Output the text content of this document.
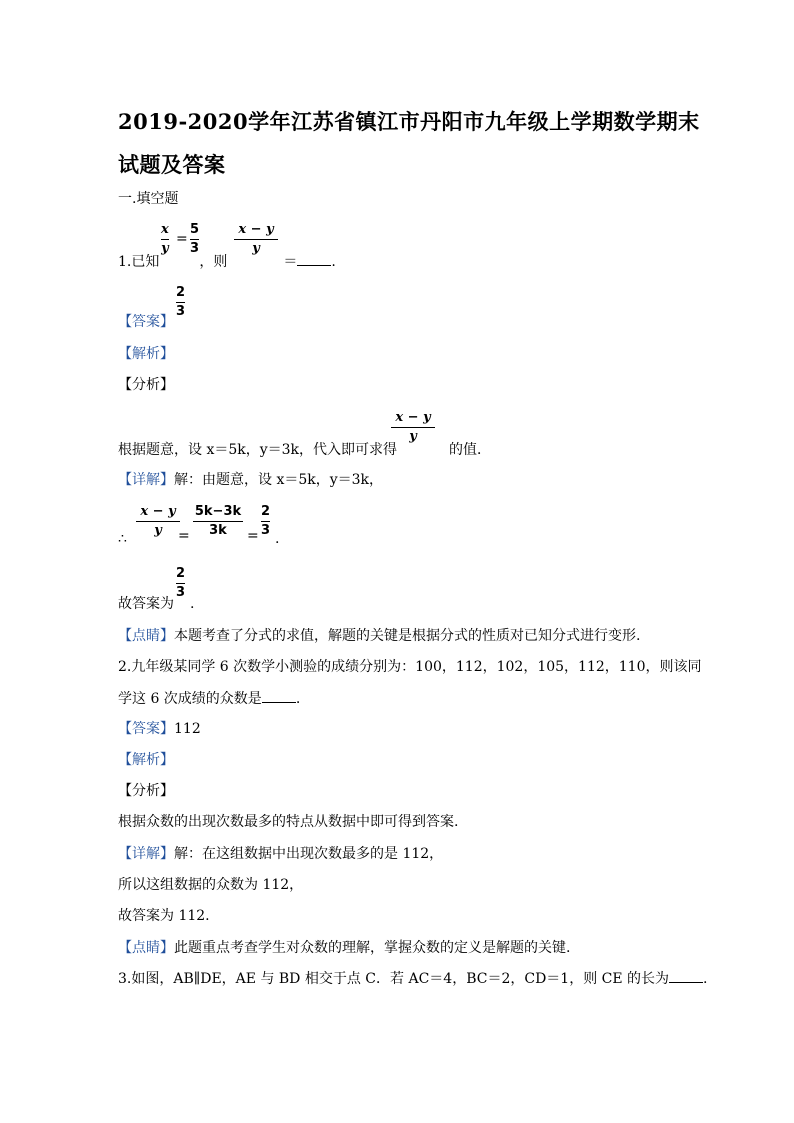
2019-2020学年江苏省镇江市丹阳市九年级上学期数学期末
试题及答案
一.填空题
x
y
=
5
3
x − y
y
1.已知	，则	＝ .
2
3
【答案】
【解析】
【分析】
x − y
y
根据题意，设 x＝5k，y＝3k，代入即可求得	的值．
【详解】解：由题意，设 x＝5k，y＝3k，
x − y
y
∴	=
5k−3k
3k	=
2
3
.
2
3
故答案为 .
【点睛】本题考查了分式的求值，解题的关键是根据分式的性质对已知分式进行变形.
2.九年级某同学 6 次数学小测验的成绩分别为：100，112，102，105，112，110，则该同
学这 6 次成绩的众数是 .
【答案】112
【解析】
【分析】
根据众数的出现次数最多的特点从数据中即可得到答案.
【详解】解：在这组数据中出现次数最多的是 112，
所以这组数据的众数为 112，
故答案为 112.
【点睛】此题重点考查学生对众数的理解，掌握众数的定义是解题的关键.
3.如图，AB∥DE，AE 与 BD 相交于点 C．若 AC＝4，BC＝2，CD＝1，则 CE 的长为 .
